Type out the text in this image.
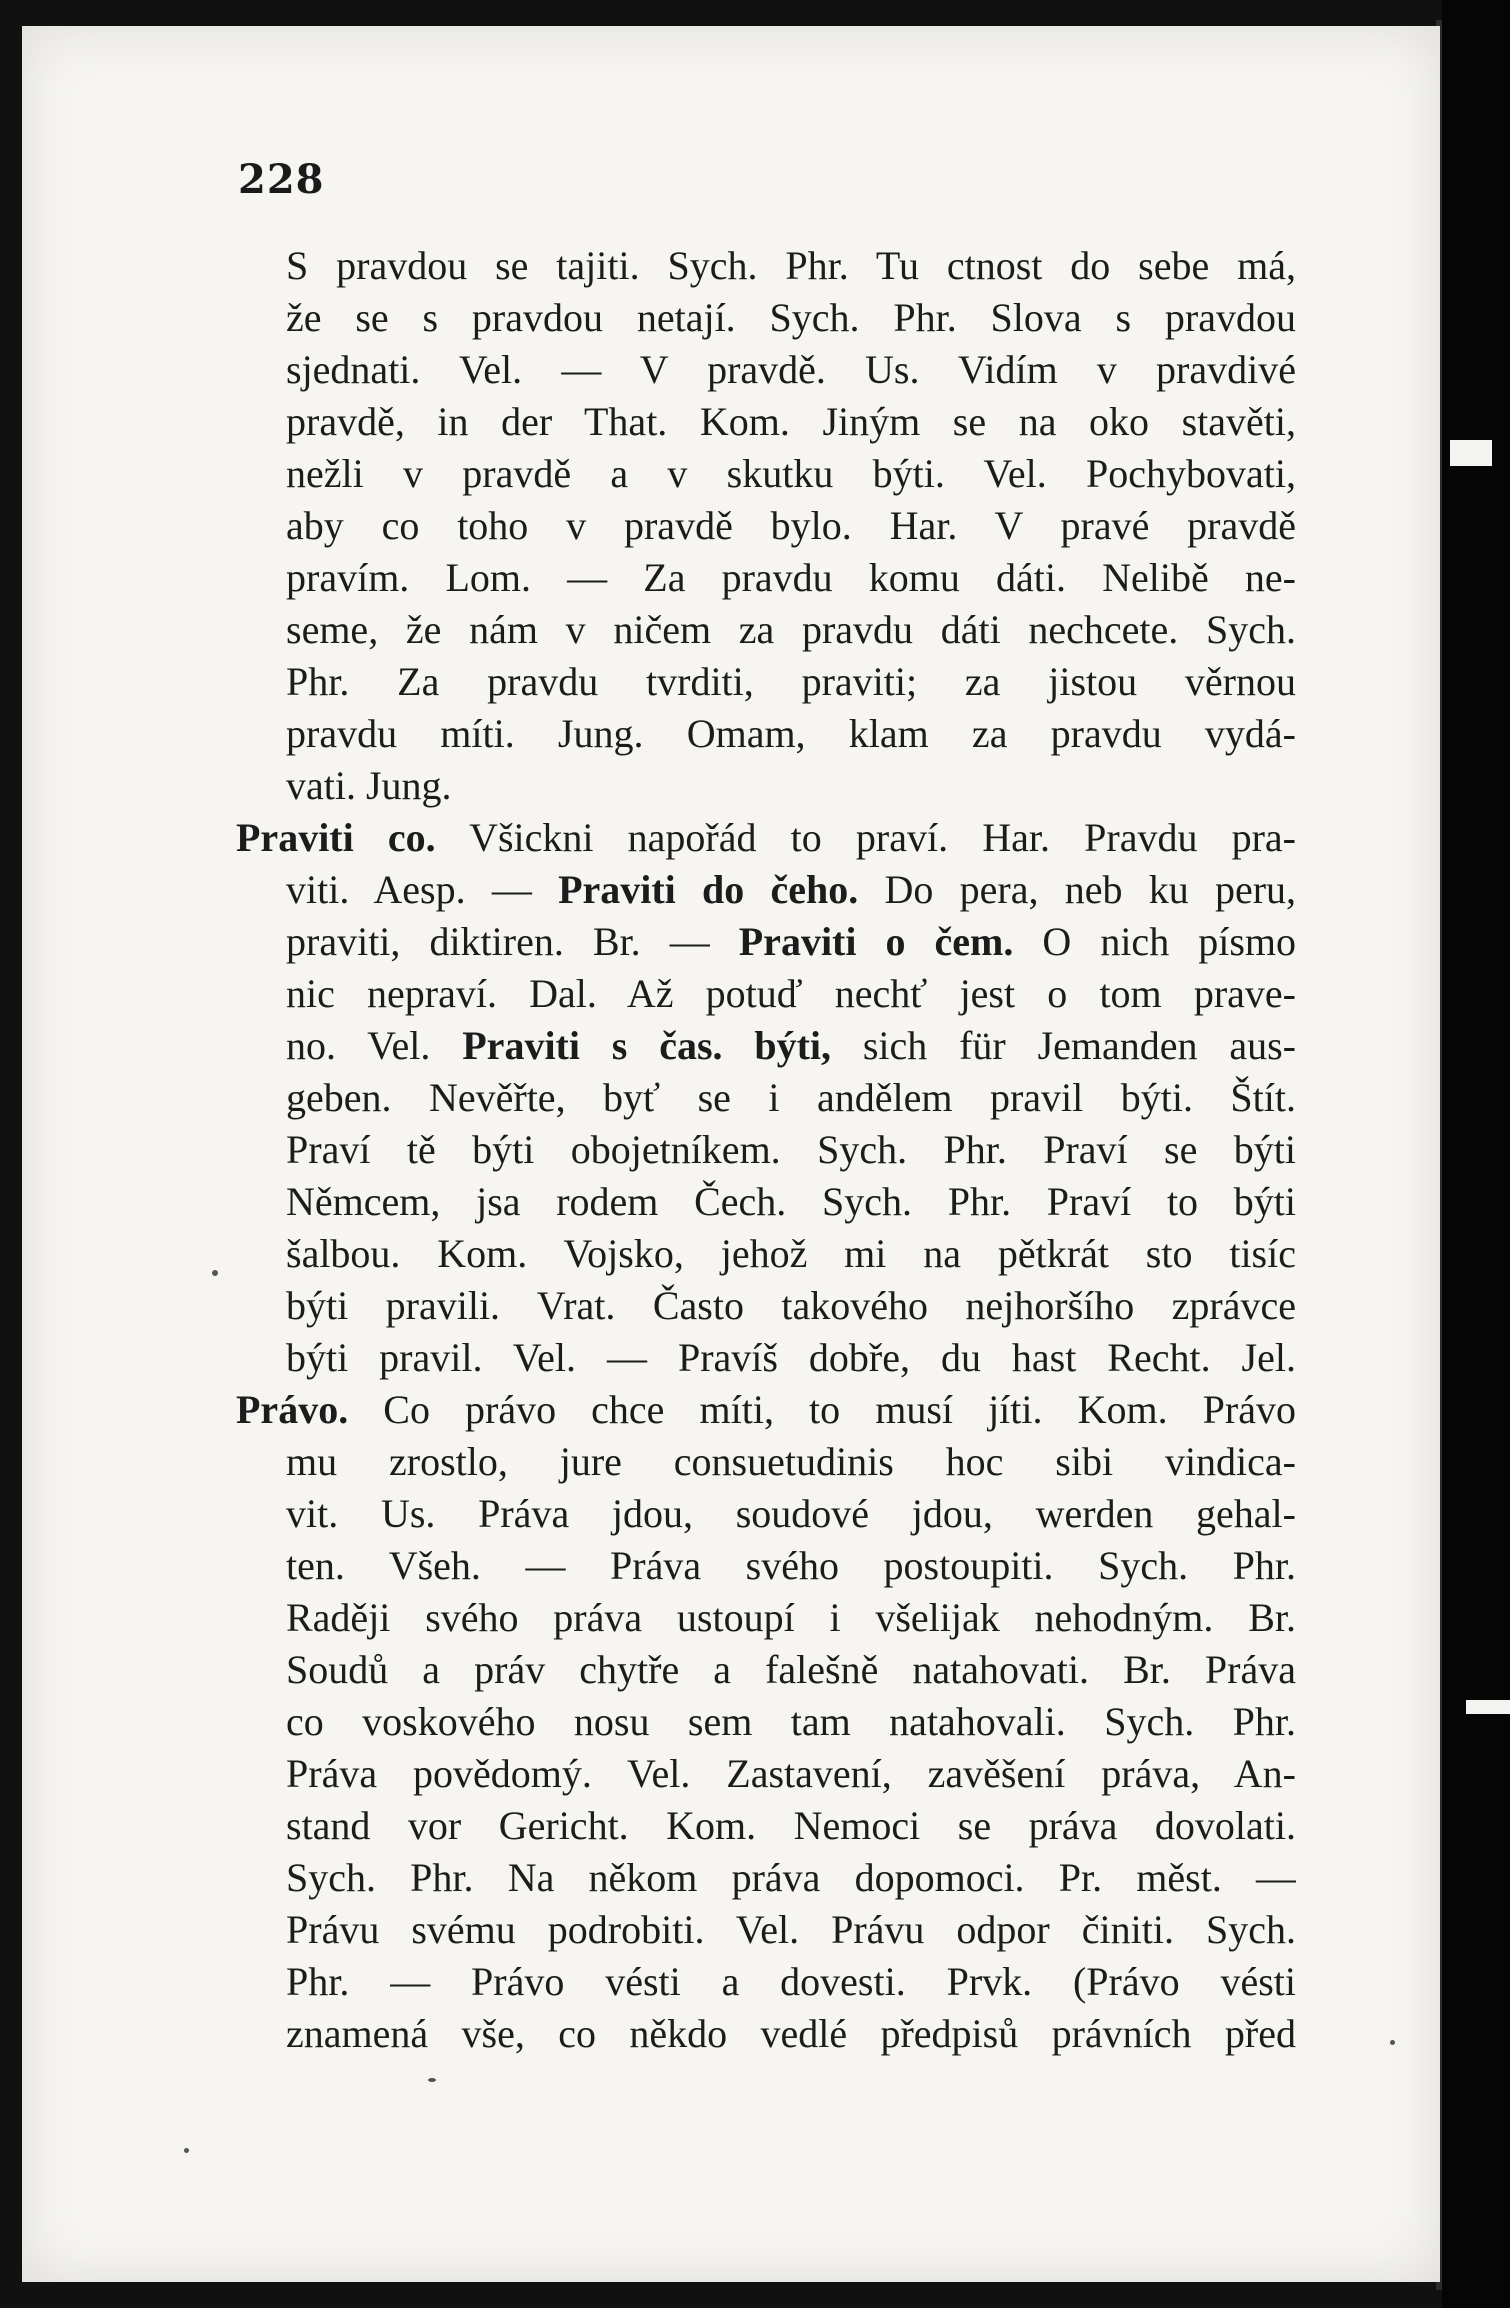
228
S pravdou se tajiti. Sych. Phr. Tu ctnost do sebe má,
že se s pravdou netají. Sych. Phr. Slova s pravdou
sjednati. Vel. — V pravdě. Us. Vidím v pravdivé
pravdě, in der That. Kom. Jiným se na oko stavěti,
nežli v pravdě a v skutku býti. Vel. Pochybovati,
aby co toho v pravdě bylo. Har. V pravé pravdě
pravím. Lom. — Za pravdu komu dáti. Nelibě ne-
seme, že nám v ničem za pravdu dáti nechcete. Sych.
Phr. Za pravdu tvrditi, praviti; za jistou věrnou
pravdu míti. Jung. Omam, klam za pravdu vydá-
vati. Jung.
Praviti co. Všickni napořád to praví. Har. Pravdu pra-
viti. Aesp. — Praviti do čeho. Do pera, neb ku peru,
praviti, diktiren. Br. — Praviti o čem. O nich písmo
nic nepraví. Dal. Až potuď nechť jest o tom prave-
no. Vel. Praviti s čas. býti, sich für Jemanden aus-
geben. Nevěřte, byť se i andělem pravil býti. Štít.
Praví tě býti obojetníkem. Sych. Phr. Praví se býti
Němcem, jsa rodem Čech. Sych. Phr. Praví to býti
šalbou. Kom. Vojsko, jehož mi na pětkrát sto tisíc
býti pravili. Vrat. Často takového nejhoršího zprávce
býti pravil. Vel. — Pravíš dobře, du hast Recht. Jel.
Právo. Co právo chce míti, to musí jíti. Kom. Právo
mu zrostlo, jure consuetudinis hoc sibi vindica-
vit. Us. Práva jdou, soudové jdou, werden gehal-
ten. Všeh. — Práva svého postoupiti. Sych. Phr.
Raději svého práva ustoupí i všelijak nehodným. Br.
Soudů a práv chytře a falešně natahovati. Br. Práva
co voskového nosu sem tam natahovali. Sych. Phr.
Práva povědomý. Vel. Zastavení, zavěšení práva, An-
stand vor Gericht. Kom. Nemoci se práva dovolati.
Sych. Phr. Na někom práva dopomoci. Pr. měst. —
Právu svému podrobiti. Vel. Právu odpor činiti. Sych.
Phr. — Právo vésti a dovesti. Prvk. (Právo vésti
znamená vše, co někdo vedlé předpisů právních před
